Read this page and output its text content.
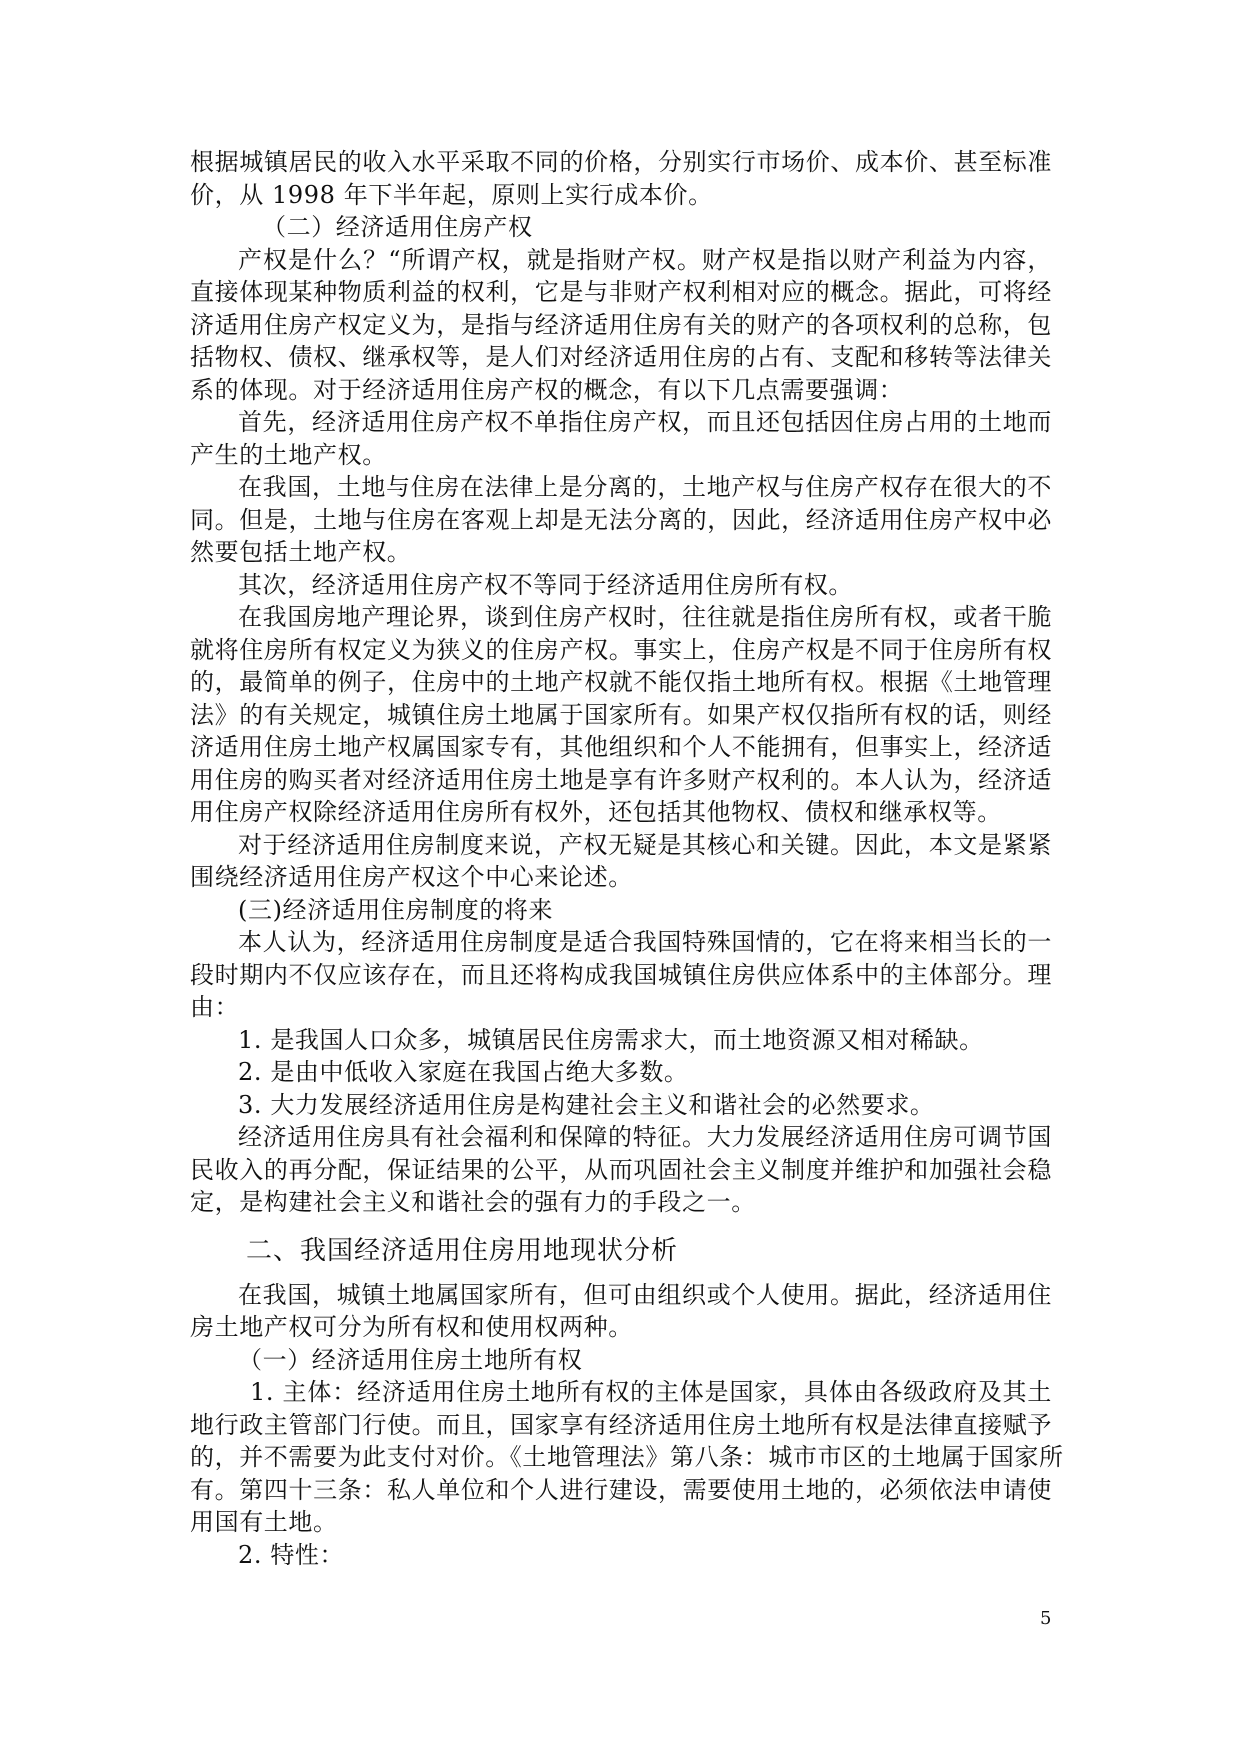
根据城镇居民的收入水平采取不同的价格，分别实行市场价、成本价、甚至标准
价，从 1998 年下半年起，原则上实行成本价。
（二）经济适用住房产权
产权是什么？“所谓产权，就是指财产权。财产权是指以财产利益为内容，
直接体现某种物质利益的权利，它是与非财产权利相对应的概念。据此，可将经
济适用住房产权定义为，是指与经济适用住房有关的财产的各项权利的总称，包
括物权、债权、继承权等，是人们对经济适用住房的占有、支配和移转等法律关
系的体现。对于经济适用住房产权的概念，有以下几点需要强调：
首先，经济适用住房产权不单指住房产权，而且还包括因住房占用的土地而
产生的土地产权。
在我国，土地与住房在法律上是分离的，土地产权与住房产权存在很大的不
同。但是，土地与住房在客观上却是无法分离的，因此，经济适用住房产权中必
然要包括土地产权。
其次，经济适用住房产权不等同于经济适用住房所有权。
在我国房地产理论界，谈到住房产权时，往往就是指住房所有权，或者干脆
就将住房所有权定义为狭义的住房产权。事实上，住房产权是不同于住房所有权
的，最简单的例子，住房中的土地产权就不能仅指土地所有权。根据《土地管理
法》的有关规定，城镇住房土地属于国家所有。如果产权仅指所有权的话，则经
济适用住房土地产权属国家专有，其他组织和个人不能拥有，但事实上，经济适
用住房的购买者对经济适用住房土地是享有许多财产权利的。本人认为，经济适
用住房产权除经济适用住房所有权外，还包括其他物权、债权和继承权等。
对于经济适用住房制度来说，产权无疑是其核心和关键。因此，本文是紧紧
围绕经济适用住房产权这个中心来论述。
(三)经济适用住房制度的将来
本人认为，经济适用住房制度是适合我国特殊国情的，它在将来相当长的一
段时期内不仅应该存在，而且还将构成我国城镇住房供应体系中的主体部分。理
由：
1. 是我国人口众多，城镇居民住房需求大，而土地资源又相对稀缺。
2. 是由中低收入家庭在我国占绝大多数。
3. 大力发展经济适用住房是构建社会主义和谐社会的必然要求。
经济适用住房具有社会福利和保障的特征。大力发展经济适用住房可调节国
民收入的再分配，保证结果的公平，从而巩固社会主义制度并维护和加强社会稳
定，是构建社会主义和谐社会的强有力的手段之一。
二、我国经济适用住房用地现状分析
在我国，城镇土地属国家所有，但可由组织或个人使用。据此，经济适用住
房土地产权可分为所有权和使用权两种。
（一）经济适用住房土地所有权
1. 主体：经济适用住房土地所有权的主体是国家，具体由各级政府及其土
地行政主管部门行使。而且，国家享有经济适用住房土地所有权是法律直接赋予
的，并不需要为此支付对价。《土地管理法》第八条：城市市区的土地属于国家所
有。第四十三条：私人单位和个人进行建设，需要使用土地的，必须依法申请使
用国有土地。
2. 特性：
5
